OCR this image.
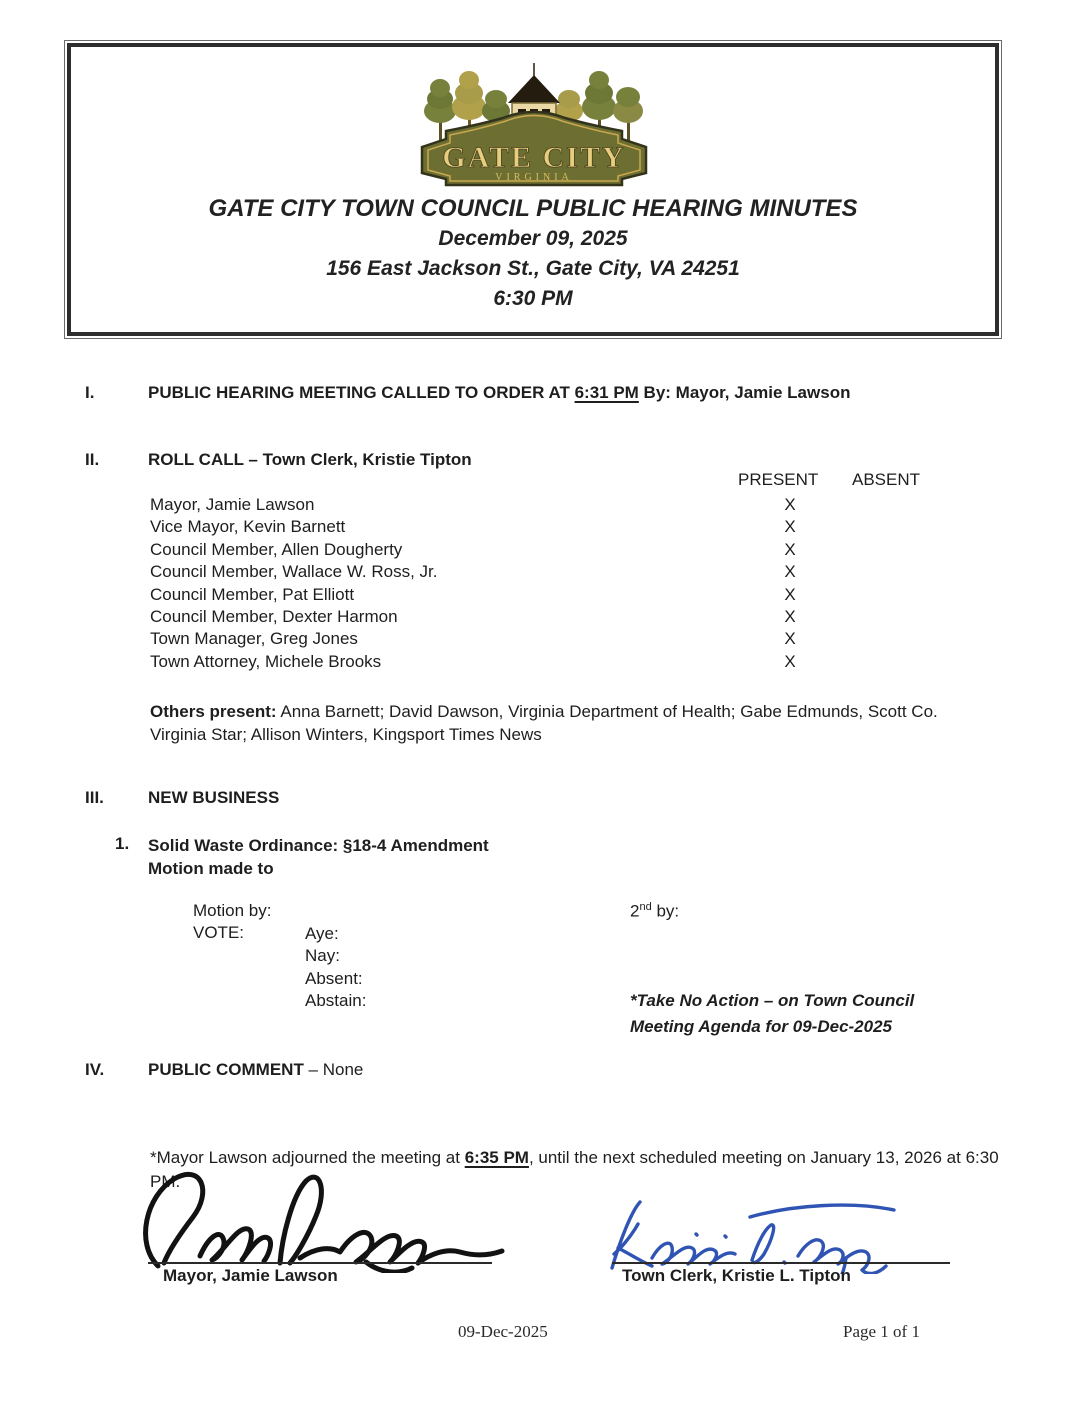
GATE CITY
VIRGINIA
GATE CITY TOWN COUNCIL PUBLIC HEARING MINUTES
December 09, 2025
156 East Jackson St., Gate City, VA 24251
6:30 PM
I.	PUBLIC HEARING MEETING CALLED TO ORDER AT 6:31 PM By: Mayor, Jamie Lawson
II.	ROLL CALL – Town Clerk, Kristie Tipton
PRESENT ABSENT
Mayor, Jamie Lawson	X
Vice Mayor, Kevin Barnett	X
Council Member, Allen Dougherty	X
Council Member, Wallace W. Ross, Jr.	X
Council Member, Pat Elliott	X
Council Member, Dexter Harmon	X
Town Manager, Greg Jones	X
Town Attorney, Michele Brooks	X
Others present: Anna Barnett; David Dawson, Virginia Department of Health; Gabe Edmunds, Scott Co. Virginia Star; Allison Winters, Kingsport Times News
III.	NEW BUSINESS
1.	Solid Waste Ordinance: §18-4 Amendment
Motion made to
Motion by:	2nd by:
VOTE:	Aye:
Nay:
Absent:
Abstain:	*Take No Action – on Town Council
Meeting Agenda for 09-Dec-2025
IV.	PUBLIC COMMENT – None
*Mayor Lawson adjourned the meeting at 6:35 PM, until the next scheduled meeting on January 13, 2026 at 6:30 PM.
Mayor, Jamie Lawson	Town Clerk, Kristie L. Tipton
09-Dec-2025	Page 1 of 1
